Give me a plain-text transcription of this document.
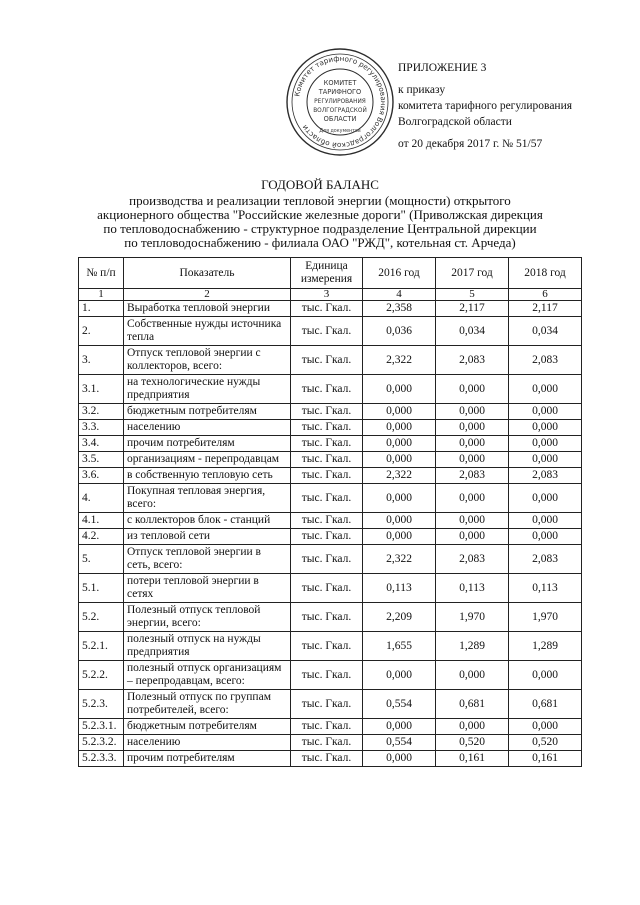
Комитет тарифного регулирования Волгоградской области
КОМИТЕТ
ТАРИФНОГО
РЕГУЛИРОВАНИЯ
ВОЛГОГРАДСКОЙ
ОБЛАСТИ
Для документов
ПРИЛОЖЕНИЕ 3
к приказу
комитета тарифного регулирования
Волгоградской области
от 20 декабря 2017 г. № 51/57
ГОДОВОЙ БАЛАНС
производства и реализации тепловой энергии (мощности) открытого
акционерного общества "Российские железные дороги" (Приволжская дирекция
по тепловодоснабжению - структурное подразделение Центральной дирекции
по тепловодоснабжению - филиала ОАО "РЖД", котельная ст. Арчеда)
№ п/п	Показатель	Единица измерения	2016 год	2017 год	2018 год
1	2	3	4	5	6
1.	Выработка тепловой энергии	тыс. Гкал.	2,358	2,117	2,117
2.	Собственные нужды источника тепла	тыс. Гкал.	0,036	0,034	0,034
3.	Отпуск тепловой энергии с коллекторов, всего:	тыс. Гкал.	2,322	2,083	2,083
3.1.	на технологические нужды предприятия	тыс. Гкал.	0,000	0,000	0,000
3.2.	бюджетным потребителям	тыс. Гкал.	0,000	0,000	0,000
3.3.	населению	тыс. Гкал.	0,000	0,000	0,000
3.4.	прочим потребителям	тыс. Гкал.	0,000	0,000	0,000
3.5.	организациям - перепродавцам	тыс. Гкал.	0,000	0,000	0,000
3.6.	в собственную тепловую сеть	тыс. Гкал.	2,322	2,083	2,083
4.	Покупная тепловая энергия, всего:	тыс. Гкал.	0,000	0,000	0,000
4.1.	с коллекторов блок - станций	тыс. Гкал.	0,000	0,000	0,000
4.2.	из тепловой сети	тыс. Гкал.	0,000	0,000	0,000
5.	Отпуск тепловой энергии в сеть, всего:	тыс. Гкал.	2,322	2,083	2,083
5.1.	потери тепловой энергии в сетях	тыс. Гкал.	0,113	0,113	0,113
5.2.	Полезный отпуск тепловой энергии, всего:	тыс. Гкал.	2,209	1,970	1,970
5.2.1.	полезный отпуск на нужды предприятия	тыс. Гкал.	1,655	1,289	1,289
5.2.2.	полезный отпуск организациям – перепродавцам, всего:	тыс. Гкал.	0,000	0,000	0,000
5.2.3.	Полезный отпуск по группам потребителей, всего:	тыс. Гкал.	0,554	0,681	0,681
5.2.3.1.	бюджетным потребителям	тыс. Гкал.	0,000	0,000	0,000
5.2.3.2.	населению	тыс. Гкал.	0,554	0,520	0,520
5.2.3.3.	прочим потребителям	тыс. Гкал.	0,000	0,161	0,161
